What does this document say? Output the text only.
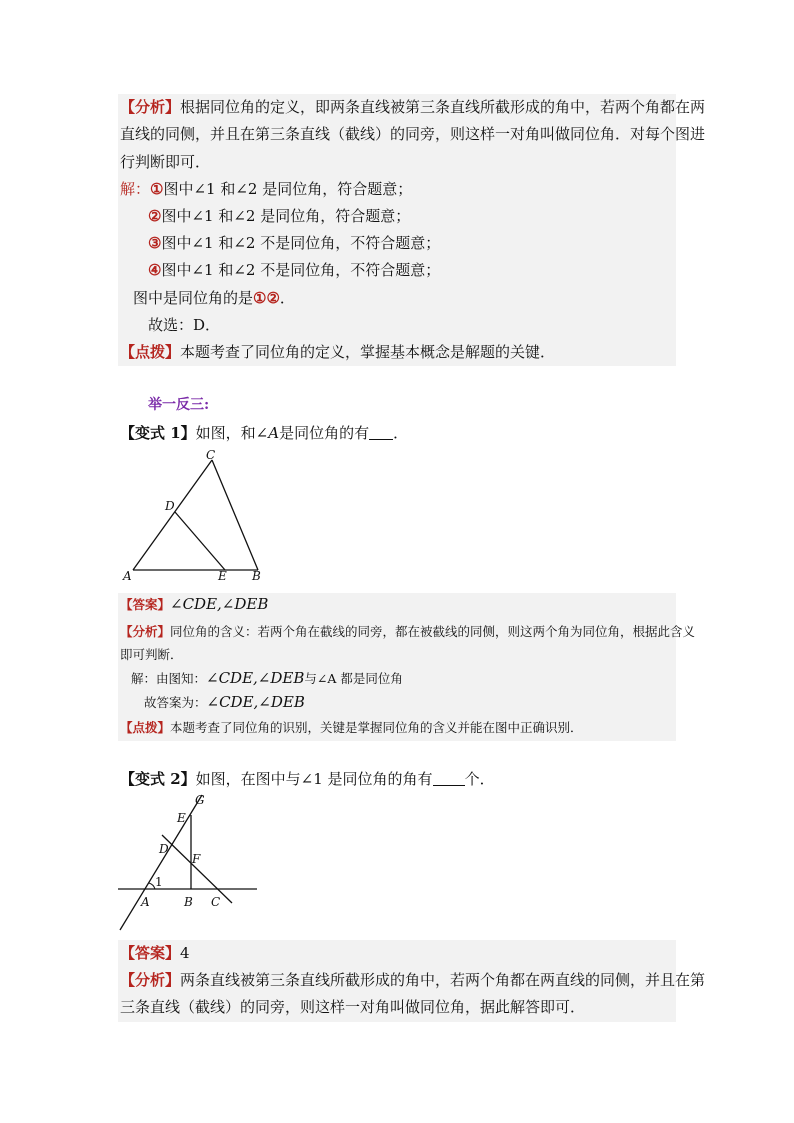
【分析】根据同位角的定义，即两条直线被第三条直线所截形成的角中，若两个角都在两
直线的同侧，并且在第三条直线（截线）的同旁，则这样一对角叫做同位角．对每个图进
行判断即可．
解：①图中∠1 和∠2 是同位角，符合题意；
②图中∠1 和∠2 是同位角，符合题意；
③图中∠1 和∠2 不是同位角，不符合题意；
④图中∠1 和∠2 不是同位角，不符合题意；
图中是同位角的是①②．
故选：D．
【点拨】本题考查了同位角的定义，掌握基本概念是解题的关键．
举一反三:
【变式 1】如图，和∠A是同位角的有 ．
C
D
A	E B
【答案】∠CDE,∠DEB
【分析】同位角的含义：若两个角在截线的同旁，都在被截线的同侧，则这两个角为同位角，根据此含义
即可判断．
解：由图知：∠CDE,∠DEB与∠A 都是同位角
故答案为：∠CDE,∠DEB
【点拨】本题考查了同位角的识别，关键是掌握同位角的含义并能在图中正确识别．
【变式 2】如图，在图中与∠1 是同位角的角有 个．
G
E
D
F
1
A	B C
【答案】4
【分析】两条直线被第三条直线所截形成的角中，若两个角都在两直线的同侧，并且在第
三条直线（截线）的同旁，则这样一对角叫做同位角，据此解答即可．
